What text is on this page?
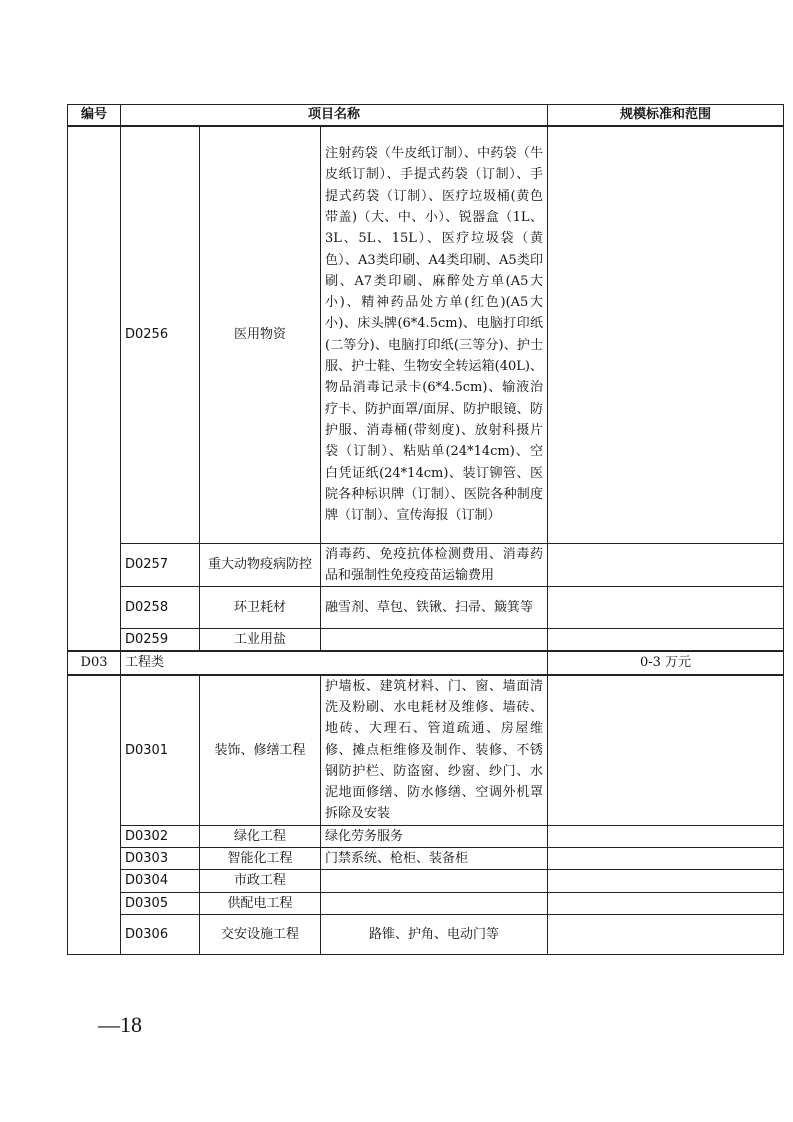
编号	项目名称			规模标准和范围
	D0256	医用物资	注射药袋（牛皮纸订制）、中药袋（牛皮纸订制）、手提式药袋（订制）、手提式药袋（订制）、医疗垃圾桶(黄色带盖)（大、中、小）、锐器盒（1L、3L、5L、15L）、医疗垃圾袋（黄色）、A3类印刷、A4类印刷、A5类印刷、A7类印刷、麻醉处方单(A5大小)、精神药品处方单(红色)(A5大小)、床头牌(6*4.5cm)、电脑打印纸(二等分)、电脑打印纸(三等分)、护士服、护士鞋、生物安全转运箱(40L)、物品消毒记录卡(6*4.5cm)、输液治疗卡、防护面罩/面屏、防护眼镜、防护服、消毒桶(带刻度)、放射科摄片袋（订制）、粘贴单(24*14cm)、空白凭证纸(24*14cm)、装订铆管、医院各种标识牌（订制）、医院各种制度牌（订制）、宣传海报（订制）	
	D0257	重大动物疫病防控	消毒药、免疫抗体检测费用、消毒药品和强制性免疫疫苗运输费用	
	D0258	环卫耗材	融雪剂、草包、铁锹、扫帚、簸箕等	
	D0259	工业用盐		
D03	工程类			0-3 万元
	D0301	装饰、修缮工程	护墙板、建筑材料、门、窗、墙面清洗及粉刷、水电耗材及维修、墙砖、地砖、大理石、管道疏通、房屋维修、摊点柜维修及制作、装修、不锈钢防护栏、防盗窗、纱窗、纱门、水泥地面修缮、防水修缮、空调外机罩拆除及安装	
	D0302	绿化工程	绿化劳务服务	
	D0303	智能化工程	门禁系统、枪柜、装备柜	
	D0304	市政工程		
	D0305	供配电工程		
	D0306	交安设施工程	路锥、护角、电动门等	
—18
